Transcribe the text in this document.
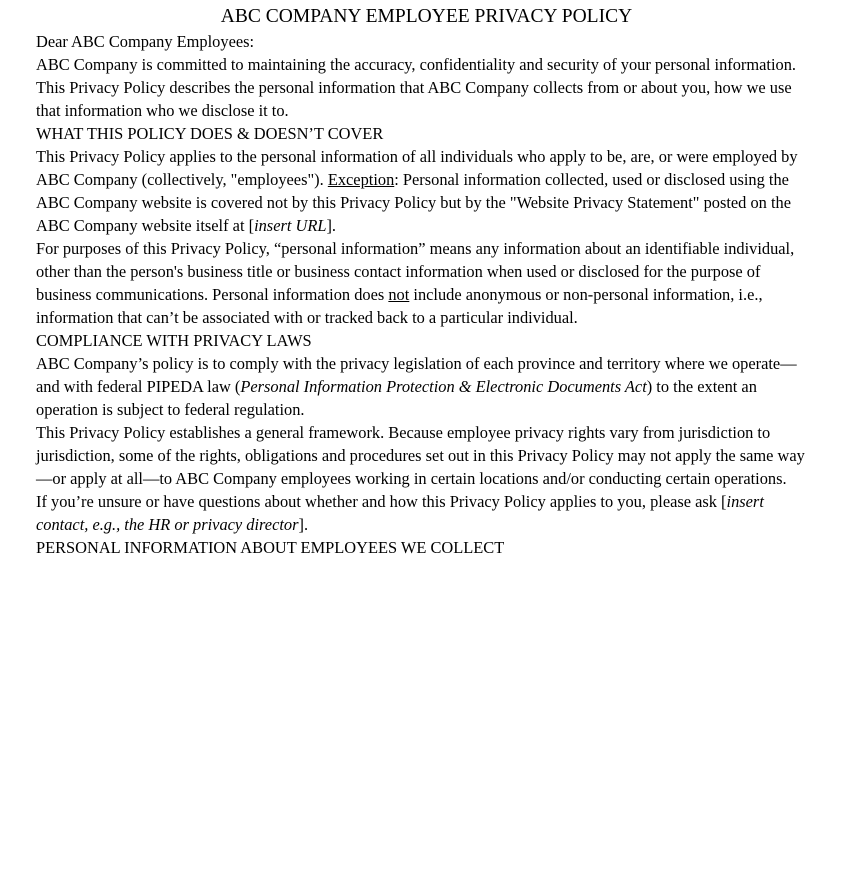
ABC COMPANY EMPLOYEE PRIVACY POLICY

Dear ABC Company Employees:

ABC Company is committed to maintaining the accuracy, confidentiality and security of your personal information. This Privacy Policy describes the personal information that ABC Company collects from or about you, how we use that information who we disclose it to.

WHAT THIS POLICY DOES & DOESN’T COVER

This Privacy Policy applies to the personal information of all individuals who apply to be, are, or were employed by ABC Company (collectively, "employees"). Exception: Personal information collected, used or disclosed using the ABC Company website is covered not by this Privacy Policy but by the "Website Privacy Statement" posted on the ABC Company website itself at [insert URL].

For purposes of this Privacy Policy, “personal information” means any information about an identifiable individual, other than the person's business title or business contact information when used or disclosed for the purpose of business communications. Personal information does not include anonymous or non-personal information, i.e., information that can’t be associated with or tracked back to a particular individual.

COMPLIANCE WITH PRIVACY LAWS

ABC Company’s policy is to comply with the privacy legislation of each province and territory where we operate—and with federal PIPEDA law (Personal Information Protection & Electronic Documents Act) to the extent an operation is subject to federal regulation.

This Privacy Policy establishes a general framework. Because employee privacy rights vary from jurisdiction to jurisdiction, some of the rights, obligations and procedures set out in this Privacy Policy may not apply the same way—or apply at all—to ABC Company employees working in certain locations and/or conducting certain operations.

If you’re unsure or have questions about whether and how this Privacy Policy applies to you, please ask [insert contact, e.g., the HR or privacy director].

PERSONAL INFORMATION ABOUT EMPLOYEES WE COLLECT
